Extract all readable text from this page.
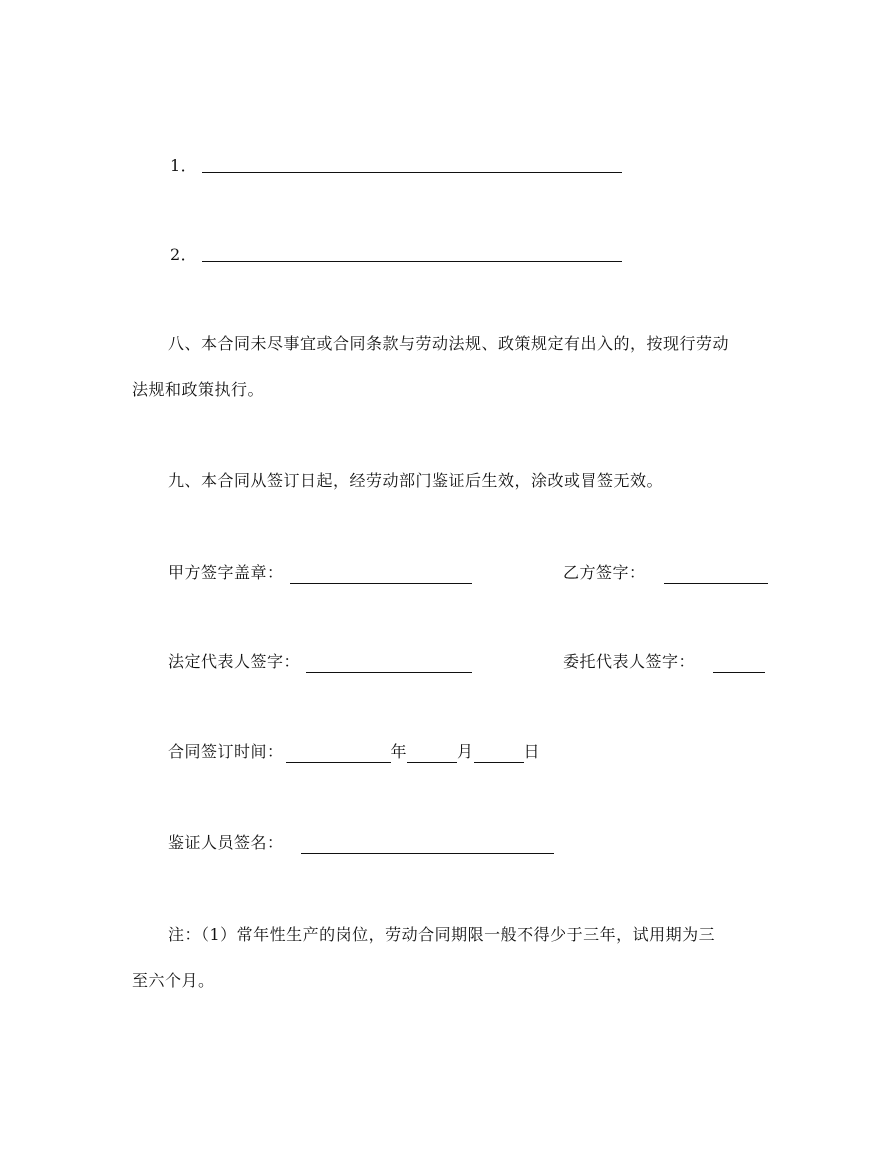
1．
2．
八、本合同未尽事宜或合同条款与劳动法规、政策规定有出入的，按现行劳动
法规和政策执行。
九、本合同从签订日起，经劳动部门鉴证后生效，涂改或冒签无效。
甲方签字盖章：	乙方签字：
法定代表人签字：	委托代表人签字：
合同签订时间：	年	月	日
鉴证人员签名：
注：（1）常年性生产的岗位，劳动合同期限一般不得少于三年，试用期为三
至六个月。
